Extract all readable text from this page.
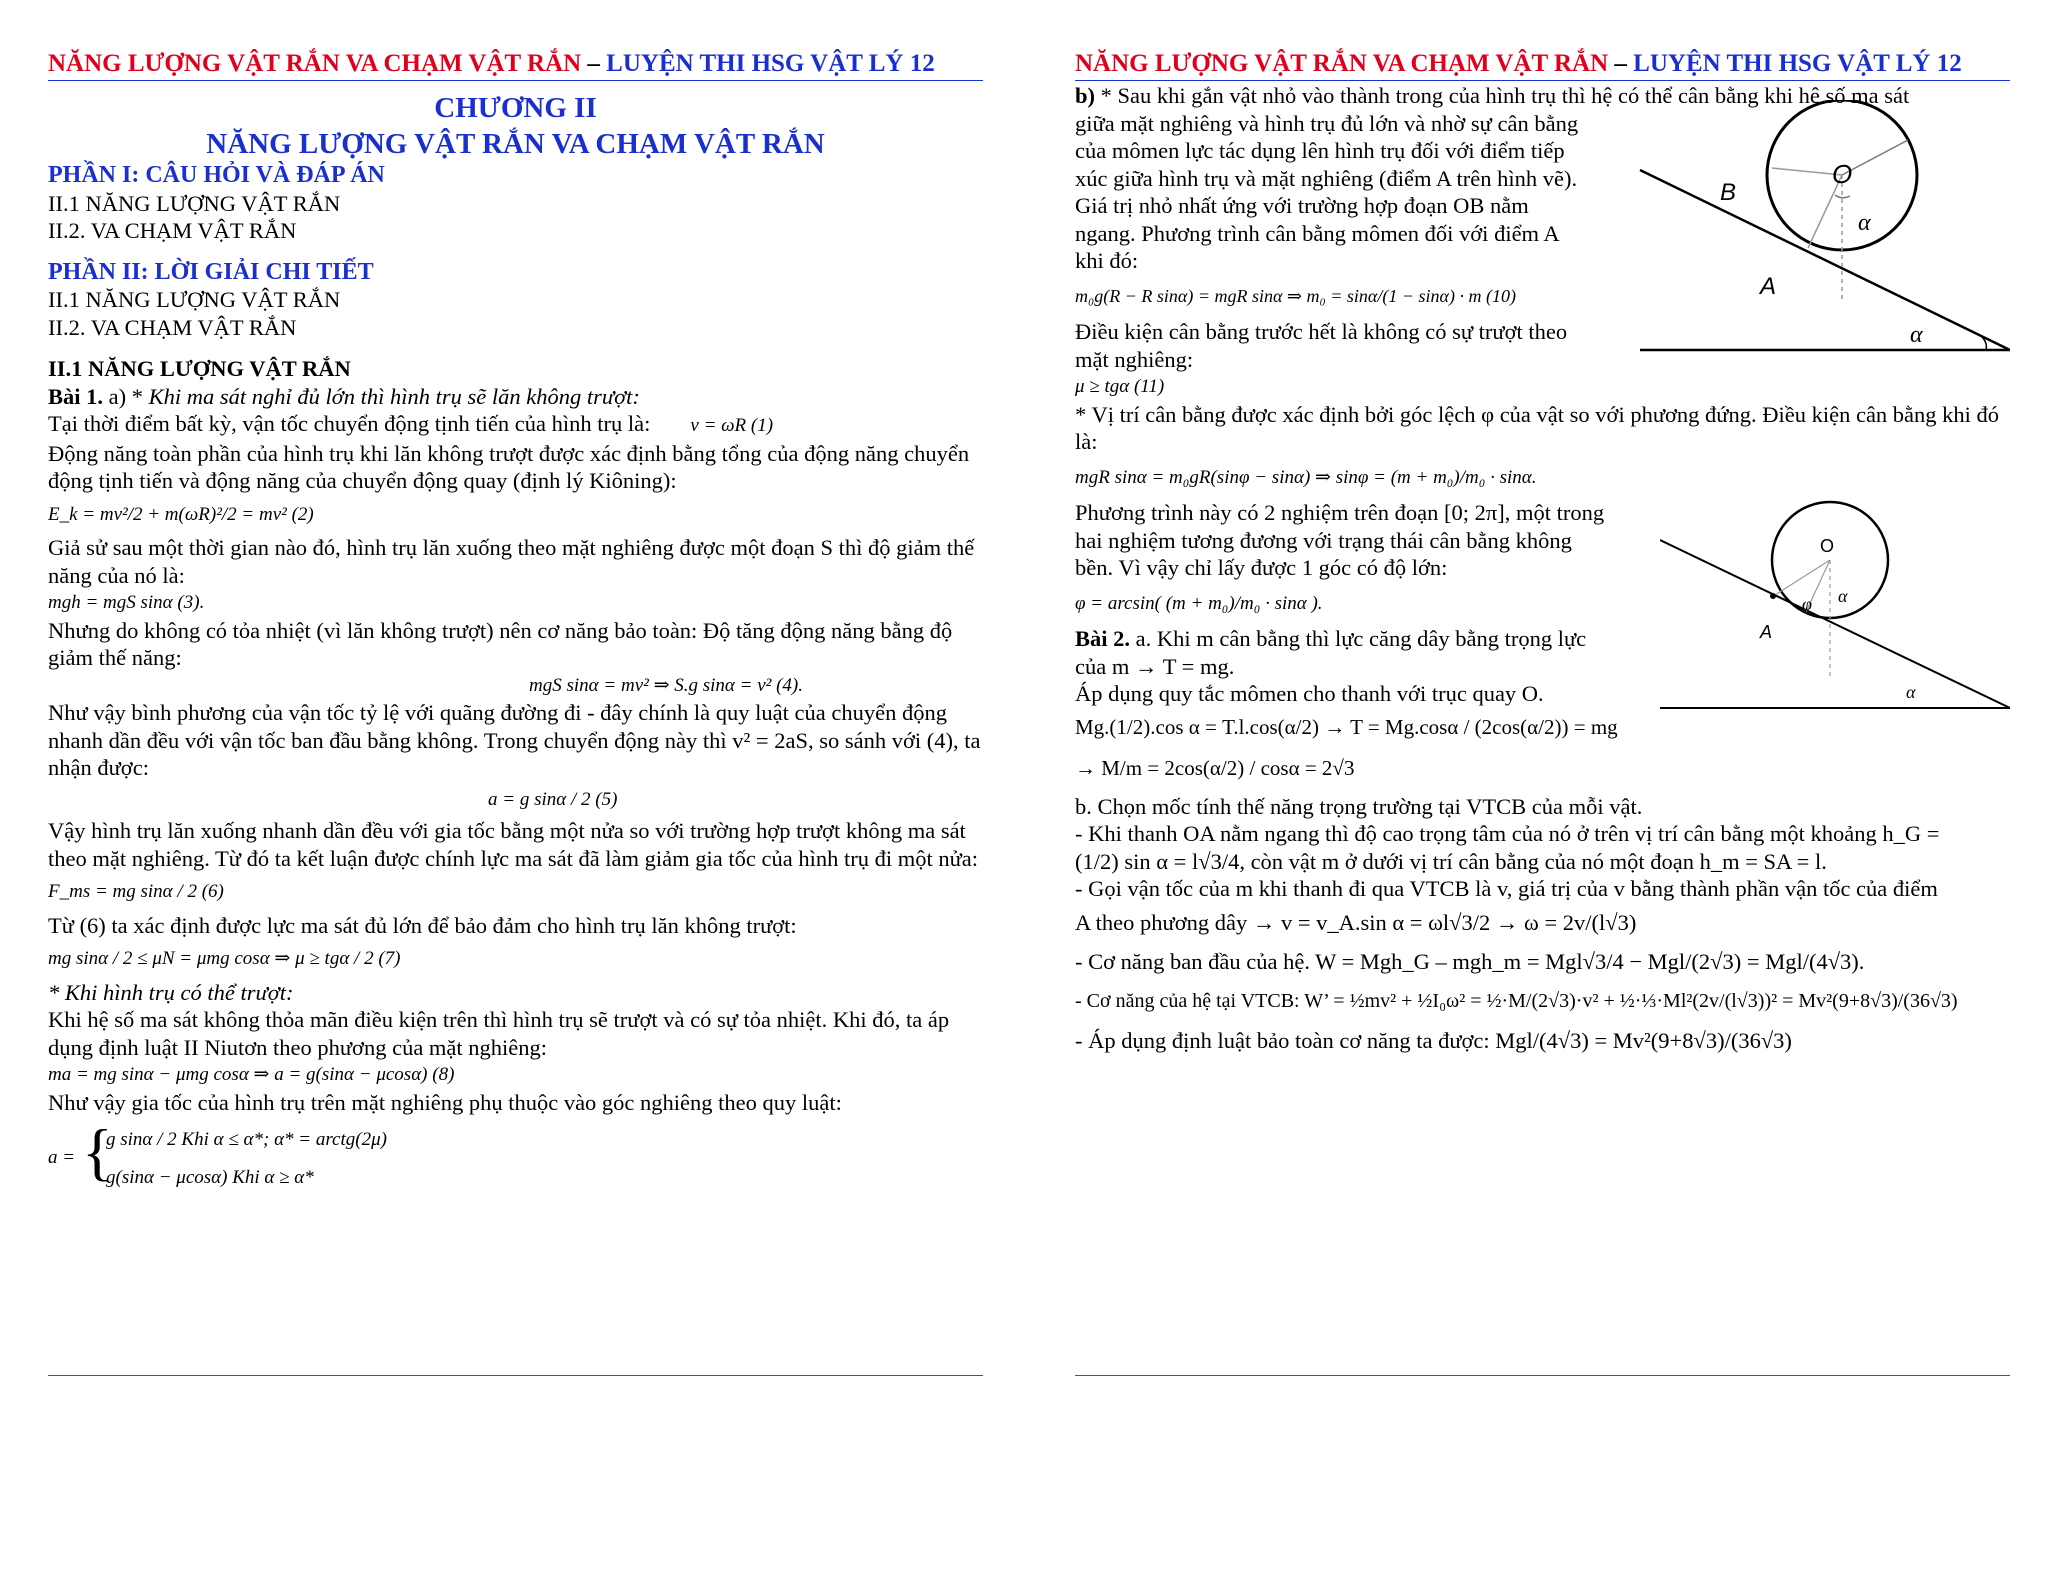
NĂNG LƯỢNG VẬT RẮN VA CHẠM VẬT RẮN – LUYỆN THI HSG VẬT LÝ 12

CHƯƠNG II

NĂNG LƯỢNG VẬT RẮN VA CHẠM VẬT RẮN

PHẦN I: CÂU HỎI VÀ ĐÁP ÁN

II.1 NĂNG LƯỢNG VẬT RẮN

II.2. VA CHẠM VẬT RẮN

PHẦN II: LỜI GIẢI CHI TIẾT

II.1 NĂNG LƯỢNG VẬT RẮN

II.2. VA CHẠM VẬT RẮN

II.1 NĂNG LƯỢNG VẬT RẮN

Bài 1. a) * Khi ma sát nghỉ đủ lớn thì hình trụ sẽ lăn không trượt:

Tại thời điểm bất kỳ, vận tốc chuyển động tịnh tiến của hình trụ là: v = ωR (1)

Động năng toàn phần của hình trụ khi lăn không trượt được xác định bằng tổng của động năng chuyển động tịnh tiến và động năng của chuyển động quay (định lý Kiôning):

E_k = mv²/2 + m(ωR)²/2 = mv² (2)

Giả sử sau một thời gian nào đó, hình trụ lăn xuống theo mặt nghiêng được một đoạn S thì độ giảm thế năng của nó là:

mgh = mgS sinα (3).

Nhưng do không có tỏa nhiệt (vì lăn không trượt) nên cơ năng bảo toàn: Độ tăng động năng bằng độ giảm thế năng:

mgS sinα = mv² ⇒ S.g sinα = v² (4).

Như vậy bình phương của vận tốc tỷ lệ với quãng đường đi - đây chính là quy luật của chuyển động nhanh dần đều với vận tốc ban đầu bằng không. Trong chuyển động này thì v² = 2aS, so sánh với (4), ta nhận được:

a = g sinα / 2 (5)

Vậy hình trụ lăn xuống nhanh dần đều với gia tốc bằng một nửa so với trường hợp trượt không ma sát theo mặt nghiêng. Từ đó ta kết luận được chính lực ma sát đã làm giảm gia tốc của hình trụ đi một nửa:

F_ms = mg sinα / 2 (6)

Từ (6) ta xác định được lực ma sát đủ lớn để bảo đảm cho hình trụ lăn không trượt:

mg sinα / 2 ≤ μN = μmg cosα ⇒ μ ≥ tgα / 2 (7)

* Khi hình trụ có thể trượt:

Khi hệ số ma sát không thỏa mãn điều kiện trên thì hình trụ sẽ trượt và có sự tỏa nhiệt. Khi đó, ta áp dụng định luật II Niutơn theo phương của mặt nghiêng:

ma = mg sinα − μmg cosα ⇒ a = g(sinα − μcosα) (8)

Như vậy gia tốc của hình trụ trên mặt nghiêng phụ thuộc vào góc nghiêng theo quy luật:

a = {
g sinα / 2 Khi α ≤ α*; α* = arctg(2μ)
g(sinα − μcosα) Khi α ≥ α*
NĂNG LƯỢNG VẬT RẮN VA CHẠM VẬT RẮN – LUYỆN THI HSG VẬT LÝ 12

b) * Sau khi gắn vật nhỏ vào thành trong của hình trụ thì hệ có thể cân bằng khi hệ số ma sát

giữa mặt nghiêng và hình trụ đủ lớn và nhờ sự cân bằng của mômen lực tác dụng lên hình trụ đối với điểm tiếp xúc giữa hình trụ và mặt nghiêng (điểm A trên hình vẽ).

Giá trị nhỏ nhất ứng với trường hợp đoạn OB nằm ngang. Phương trình cân bằng mômen đối với điểm A khi đó:

m₀g(R − R sinα) = mgR sinα ⇒ m₀ = sinα/(1 − sinα) · m (10)

Điều kiện cân bằng trước hết là không có sự trượt theo mặt nghiêng:

μ ≥ tgα (11)

* Vị trí cân bằng được xác định bởi góc lệch φ của vật so với phương đứng. Điều kiện cân bằng khi đó là:

mgR sinα = m₀gR(sinφ − sinα) ⇒ sinφ = (m + m₀)/m₀ · sinα.

Phương trình này có 2 nghiệm trên đoạn [0; 2π], một trong hai nghiệm tương đương với trạng thái cân bằng không bền. Vì vậy chỉ lấy được 1 góc có độ lớn:

φ = arcsin( (m + m₀)/m₀ · sinα ).

Bài 2. a. Khi m cân bằng thì lực căng dây bằng trọng lực của m → T = mg.

Áp dụng quy tắc mômen cho thanh với trục quay O.

Mg.(1/2).cos α = T.l.cos(α/2) → T = Mg.cosα / (2cos(α/2)) = mg

→ M/m = 2cos(α/2) / cosα = 2√3

b. Chọn mốc tính thế năng trọng trường tại VTCB của mỗi vật.

- Khi thanh OA nằm ngang thì độ cao trọng tâm của nó ở trên vị trí cân bằng một khoảng h_G =

(1/2) sin α = l√3/4, còn vật m ở dưới vị trí cân bằng của nó một đoạn h_m = SA = l.

- Gọi vận tốc của m khi thanh đi qua VTCB là v, giá trị của v bằng thành phần vận tốc của điểm

A theo phương dây → v = v_A.sin α = ωl√3/2 → ω = 2v/(l√3)

- Cơ năng ban đầu của hệ. W = Mgh_G – mgh_m = Mgl√3/4 − Mgl/(2√3) = Mgl/(4√3).

- Cơ năng của hệ tại VTCB: W’ = ½mv² + ½I₀ω² = ½·M/(2√3)·v² + ½·⅓·Ml²(2v/(l√3))² = Mv²(9+8√3)/(36√3)

- Áp dụng định luật bảo toàn cơ năng ta được: Mgl/(4√3) = Mv²(9+8√3)/(36√3)

O
B
α
A
α
O
φ α
A
α
